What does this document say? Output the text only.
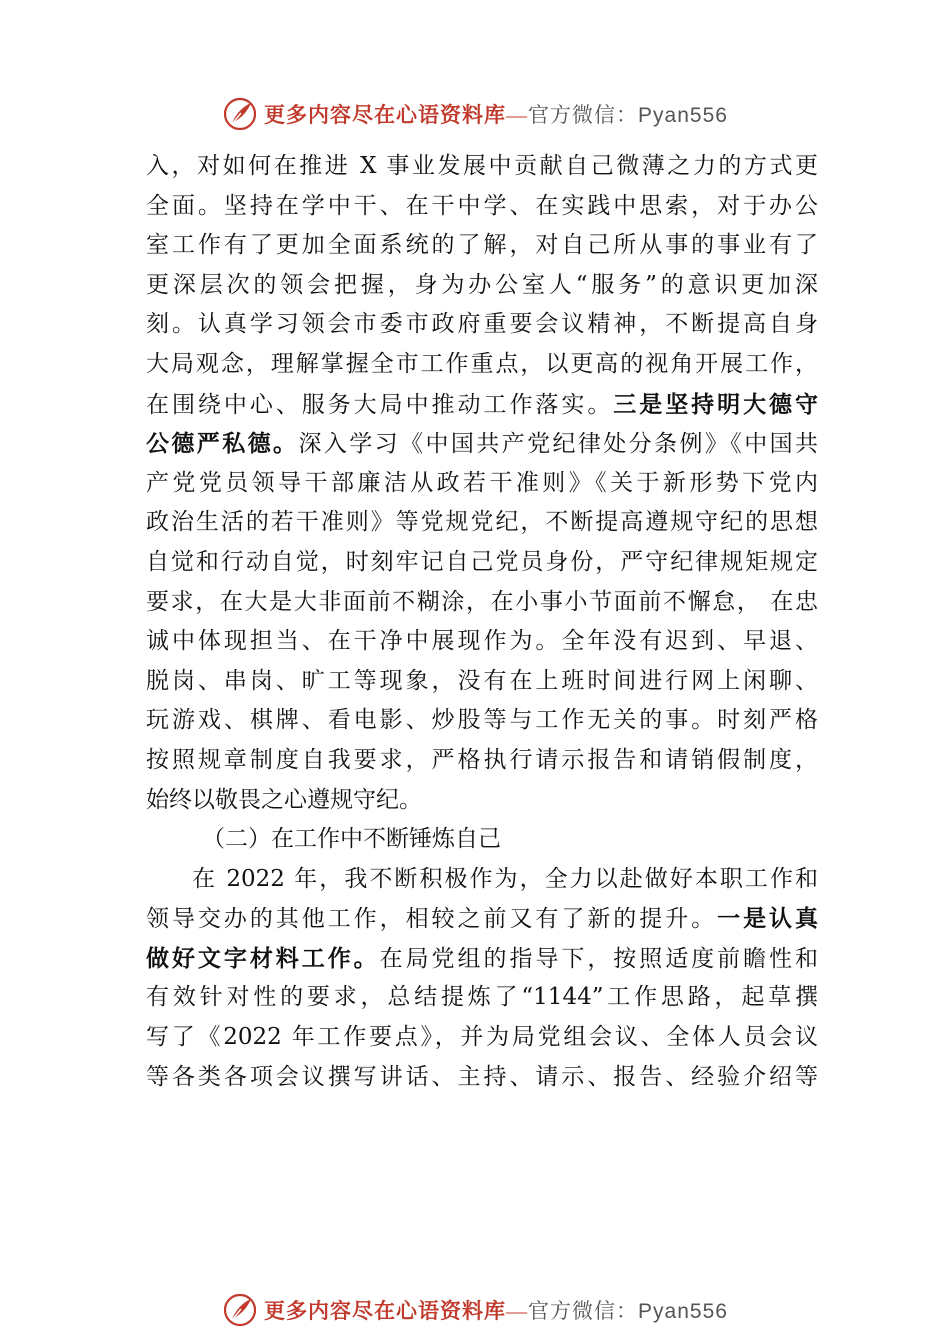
更多内容尽在心语资料库—官方微信：Pyan556
入，对如何在推进 X 事业发展中贡献自己微薄之力的方式更
全面。坚持在学中干、在干中学、在实践中思索，对于办公
室工作有了更加全面系统的了解，对自己所从事的事业有了
更深层次的领会把握，身为办公室人“服务”的意识更加深
刻。认真学习领会市委市政府重要会议精神，不断提高自身
大局观念，理解掌握全市工作重点，以更高的视角开展工作，
在围绕中心、服务大局中推动工作落实。三是坚持明大德守
公德严私德。深入学习《中国共产党纪律处分条例》《中国共
产党党员领导干部廉洁从政若干准则》《关于新形势下党内
政治生活的若干准则》等党规党纪，不断提高遵规守纪的思想
自觉和行动自觉，时刻牢记自己党员身份，严守纪律规矩规定
要求，在大是大非面前不糊涂，在小事小节面前不懈怠， 在忠
诚中体现担当、在干净中展现作为。全年没有迟到、早退、
脱岗、串岗、旷工等现象，没有在上班时间进行网上闲聊、
玩游戏、棋牌、看电影、炒股等与工作无关的事。时刻严格
按照规章制度自我要求，严格执行请示报告和请销假制度，
始终以敬畏之心遵规守纪。
（二）在工作中不断锤炼自己
在 2022 年，我不断积极作为，全力以赴做好本职工作和
领导交办的其他工作，相较之前又有了新的提升。一是认真
做好文字材料工作。在局党组的指导下，按照适度前瞻性和
有效针对性的要求，总结提炼了“1144”工作思路，起草撰
写了《2022 年工作要点》，并为局党组会议、全体人员会议
等各类各项会议撰写讲话、主持、请示、报告、经验介绍等
更多内容尽在心语资料库—官方微信：Pyan556
